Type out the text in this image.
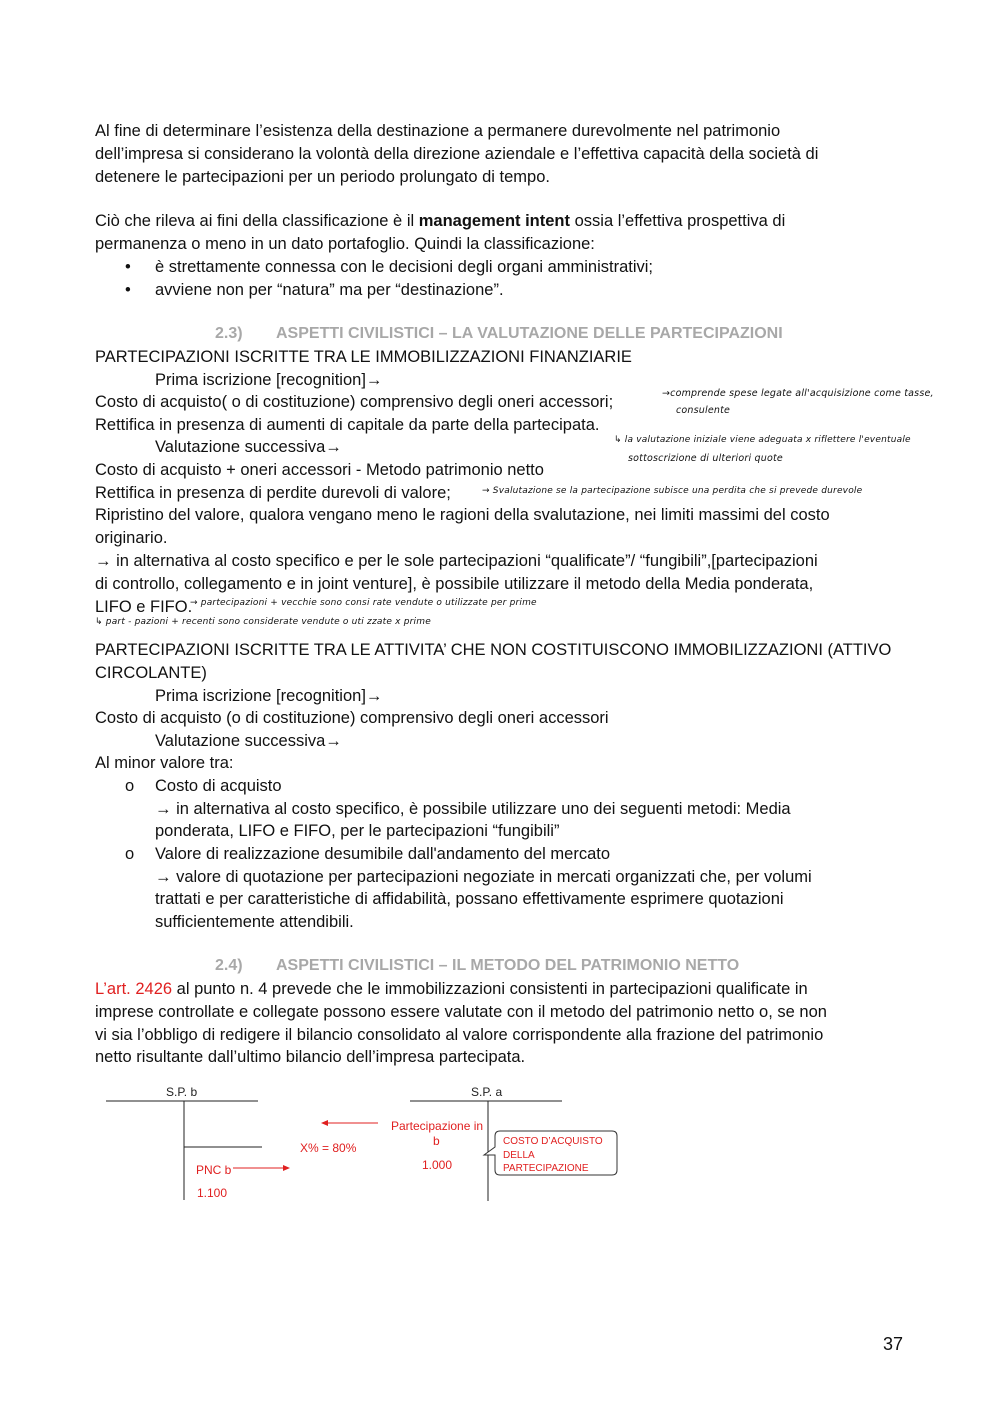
Al fine di determinare l’esistenza della destinazione a permanere durevolmente nel patrimonio
dell’impresa si considerano la volontà della direzione aziendale e l’effettiva capacità della società di
detenere le partecipazioni per un periodo prolungato di tempo.
Ciò che rileva ai fini della classificazione è il management intent ossia l’effettiva prospettiva di
permanenza o meno in un dato portafoglio. Quindi la classificazione:
• è strettamente connessa con le decisioni degli organi amministrativi;
• avviene non per “natura” ma per “destinazione”.
2.3) ASPETTI CIVILISTICI – LA VALUTAZIONE DELLE PARTECIPAZIONI
PARTECIPAZIONI ISCRITTE TRA LE IMMOBILIZZAZIONI FINANZIARIE
Prima iscrizione [recognition]→
Costo di acquisto( o di costituzione) comprensivo degli oneri accessori;
Rettifica in presenza di aumenti di capitale da parte della partecipata.
Valutazione successiva→
Costo di acquisto + oneri accessori - Metodo patrimonio netto
Rettifica in presenza di perdite durevoli di valore;
Ripristino del valore, qualora vengano meno le ragioni della svalutazione, nei limiti massimi del costo
originario.
→ in alternativa al costo specifico e per le sole partecipazioni “qualificate”/ “fungibili”,[partecipazioni
di controllo, collegamento e in joint venture], è possibile utilizzare il metodo della Media ponderata,
LIFO e FIFO.
→comprende spese legate all'acquisizione come tasse,
consulente
↳ la valutazione iniziale viene adeguata x riflettere l'eventuale
sottoscrizione di ulteriori quote
→ Svalutazione se la partecipazione subisce una perdita che si prevede durevole
→ partecipazioni + vecchie sono consi rate vendute o utilizzate per prime
↳ part - pazioni + recenti sono considerate vendute o uti zzate x prime
PARTECIPAZIONI ISCRITTE TRA LE ATTIVITA’ CHE NON COSTITUISCONO IMMOBILIZZAZIONI (ATTIVO
CIRCOLANTE)
Prima iscrizione [recognition]→
Costo di acquisto (o di costituzione) comprensivo degli oneri accessori
Valutazione successiva→
Al minor valore tra:
o Costo di acquisto
→ in alternativa al costo specifico, è possibile utilizzare uno dei seguenti metodi: Media
ponderata, LIFO e FIFO, per le partecipazioni “fungibili”
o Valore di realizzazione desumibile dall'andamento del mercato
→ valore di quotazione per partecipazioni negoziate in mercati organizzati che, per volumi
trattati e per caratteristiche di affidabilità, possano effettivamente esprimere quotazioni
sufficientemente attendibili.
2.4) ASPETTI CIVILISTICI – IL METODO DEL PATRIMONIO NETTO
L’art. 2426 al punto n. 4 prevede che le immobilizzazioni consistenti in partecipazioni qualificate in
imprese controllate e collegate possono essere valutate con il metodo del patrimonio netto o, se non
vi sia l’obbligo di redigere il bilancio consolidato al valore corrispondente alla frazione del patrimonio
netto risultante dall’ultimo bilancio dell’impresa partecipata.
S.P. b	S.P. a
PNC b
1.100
X% = 80%
Partecipazione in
b
1.000
COSTO D’ACQUISTO
DELLA
PARTECIPAZIONE
37
